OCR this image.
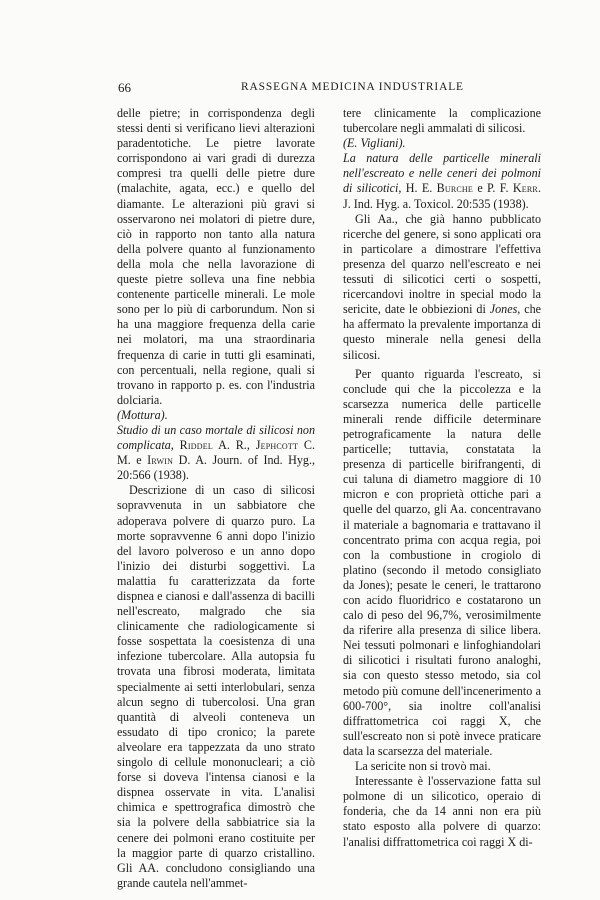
66	RASSEGNA MEDICINA INDUSTRIALE

delle pietre; in corrispondenza degli stessi denti si verificano lievi alterazioni paradentotiche. Le pietre lavorate corrispondono ai vari gradi di durezza compresi tra quelli delle pietre dure (malachite, agata, ecc.) e quello del diamante. Le alterazioni più gravi si osservarono nei molatori di pietre dure, ciò in rapporto non tanto alla natura della polvere quanto al funzionamento della mola che nella lavorazione di queste pietre solleva una fine nebbia contenente particelle minerali. Le mole sono per lo più di carborundum. Non si ha una maggiore frequenza della carie nei molatori, ma una straordinaria frequenza di carie in tutti gli esaminati, con percentuali, nella regione, quali si trovano in rapporto p. es. con l'industria dolciaria.

(Mottura).

Studio di un caso mortale di silicosi non complicata, Riddel A. R., Jephcott C. M. e Irwin D. A. Journ. of Ind. Hyg., 20:566 (1938).

Descrizione di un caso di silicosi sopravvenuta in un sabbiatore che adoperava polvere di quarzo puro. La morte sopravvenne 6 anni dopo l'inizio del lavoro polveroso e un anno dopo l'inizio dei disturbi soggettivi. La malattia fu caratterizzata da forte dispnea e cianosi e dall'assenza di bacilli nell'escreato, malgrado che sia clinicamente che radiologicamente si fosse sospettata la coesistenza di una infezione tubercolare. Alla autopsia fu trovata una fibrosi moderata, limitata specialmente ai setti interlobulari, senza alcun segno di tubercolosi. Una gran quantità di alveoli conteneva un essudato di tipo cronico; la parete alveolare era tappezzata da uno strato singolo di cellule mononucleari; a ciò forse si doveva l'intensa cianosi e la dispnea osservate in vita. L'analisi chimica e spettrografica dimostrò che sia la polvere della sabbiatrice sia la cenere dei polmoni erano costituite per la maggior parte di quarzo cristallino. Gli AA. concludono consigliando una grande cautela nell'ammet-

tere clinicamente la complicazione tubercolare negli ammalati di silicosi.

(E. Vigliani).

La natura delle particelle minerali nell'escreato e nelle ceneri dei polmoni di silicotici, H. E. Burche e P. F. Kerr. J. Ind. Hyg. a. Toxicol. 20:535 (1938).

Gli Aa., che già hanno pubblicato ricerche del genere, si sono applicati ora in particolare a dimostrare l'effettiva presenza del quarzo nell'escreato e nei tessuti di silicotici certi o sospetti, ricercandovi inoltre in special modo la sericite, date le obbiezioni di Jones, che ha affermato la prevalente importanza di questo minerale nella genesi della silicosi.

Per quanto riguarda l'escreato, si conclude qui che la piccolezza e la scarsezza numerica delle particelle minerali rende difficile determinare petrograficamente la natura delle particelle; tuttavia, constatata la presenza di particelle birifrangenti, di cui taluna di diametro maggiore di 10 micron e con proprietà ottiche pari a quelle del quarzo, gli Aa. concentravano il materiale a bagnomaria e trattavano il concentrato prima con acqua regia, poi con la combustione in crogiolo di platino (secondo il metodo consigliato da Jones); pesate le ceneri, le trattarono con acido fluoridrico e costatarono un calo di peso del 96,7%, verosimilmente da riferire alla presenza di silice libera. Nei tessuti polmonari e linfoghiandolari di silicotici i risultati furono analoghi, sia con questo stesso metodo, sia col metodo più comune dell'incenerimento a 600-700°, sia inoltre coll'analisi diffrattometrica coi raggi X, che sull'escreato non si potè invece praticare data la scarsezza del materiale.

La sericite non si trovò mai.

Interessante è l'osservazione fatta sul polmone di un silicotico, operaio di fonderia, che da 14 anni non era più stato esposto alla polvere di quarzo: l'analisi diffrattometrica coi raggi X di-
